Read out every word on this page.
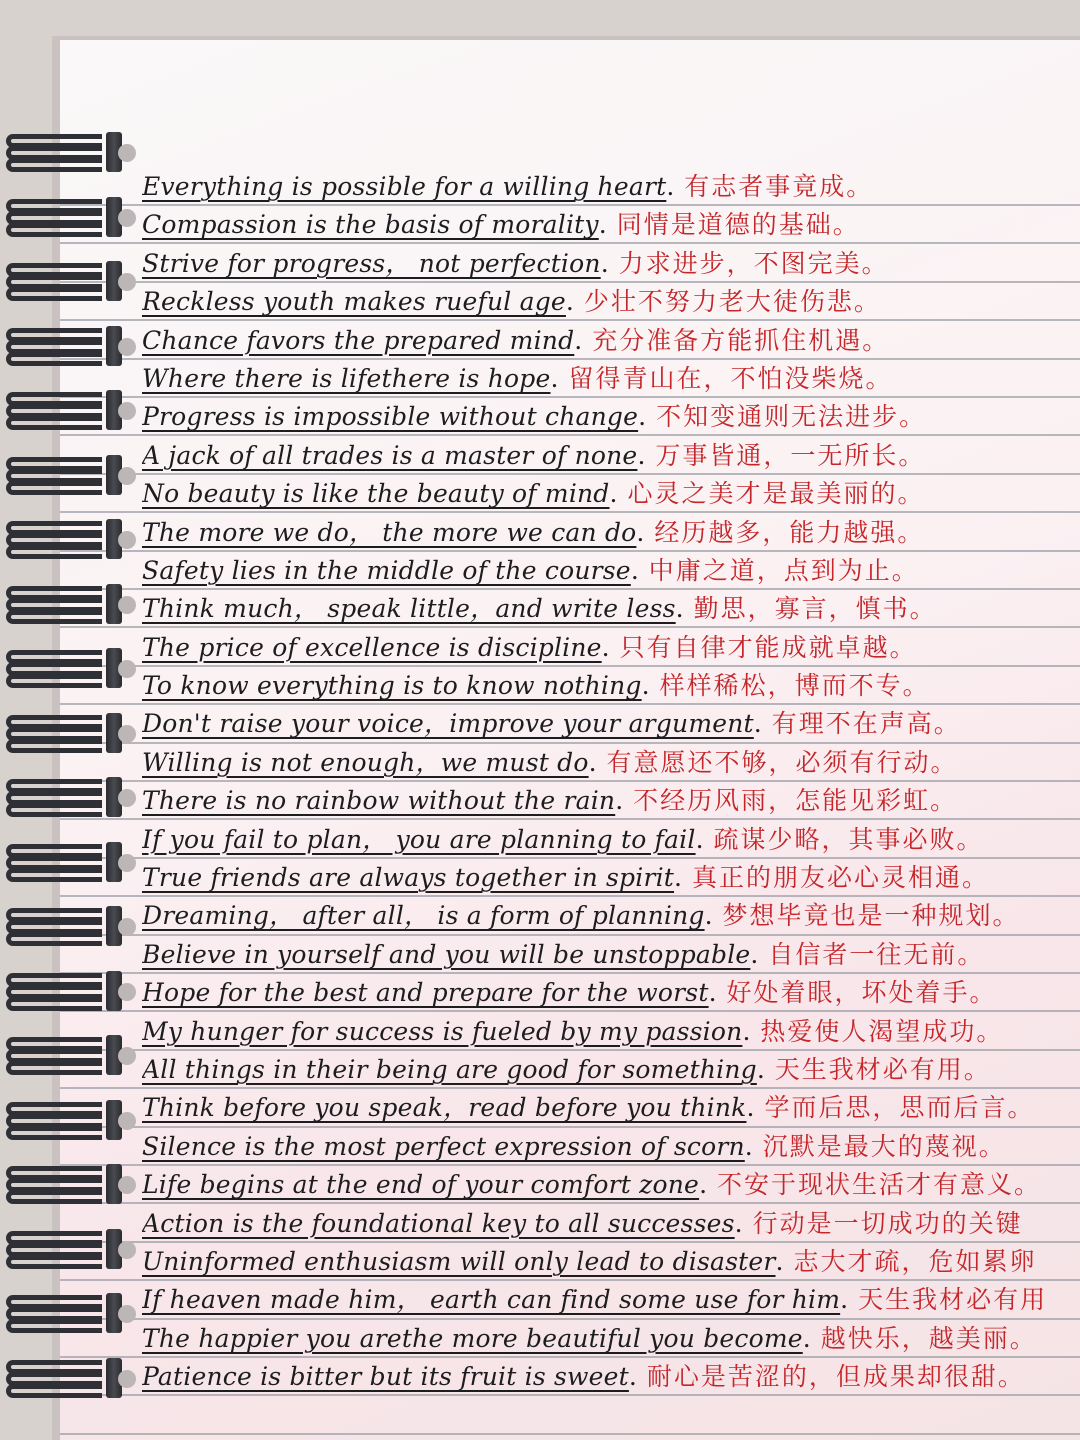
Everything is possible for a willing heart. 有志者事竟成。
Compassion is the basis of morality. 同情是道德的基础。
Strive for progress， not perfection. 力求进步，不图完美。
Reckless youth makes rueful age. 少壮不努力老大徒伤悲。
Chance favors the prepared mind. 充分准备方能抓住机遇。
Where there is lifethere is hope. 留得青山在，不怕没柴烧。
Progress is impossible without change. 不知变通则无法进步。
A jack of all trades is a master of none. 万事皆通，一无所长。
No beauty is like the beauty of mind. 心灵之美才是最美丽的。
The more we do， the more we can do. 经历越多，能力越强。
Safety lies in the middle of the course. 中庸之道，点到为止。
Think much， speak little，and write less. 勤思，寡言，慎书。
The price of excellence is discipline. 只有自律才能成就卓越。
To know everything is to know nothing. 样样稀松，博而不专。
Don't raise your voice，improve your argument. 有理不在声高。
Willing is not enough，we must do. 有意愿还不够，必须有行动。
There is no rainbow without the rain. 不经历风雨，怎能见彩虹。
If you fail to plan， you are planning to fail. 疏谋少略，其事必败。
True friends are always together in spirit. 真正的朋友必心灵相通。
Dreaming， after all， is a form of planning. 梦想毕竟也是一种规划。
Believe in yourself and you will be unstoppable. 自信者一往无前。
Hope for the best and prepare for the worst. 好处着眼，坏处着手。
My hunger for success is fueled by my passion. 热爱使人渴望成功。
All things in their being are good for something. 天生我材必有用。
Think before you speak，read before you think. 学而后思，思而后言。
Silence is the most perfect expression of scorn. 沉默是最大的蔑视。
Life begins at the end of your comfort zone. 不安于现状生活才有意义。
Action is the foundational key to all successes. 行动是一切成功的关键
Uninformed enthusiasm will only lead to disaster. 志大才疏，危如累卵
If heaven made him， earth can find some use for him. 天生我材必有用
The happier you arethe more beautiful you become. 越快乐，越美丽。
Patience is bitter but its fruit is sweet. 耐心是苦涩的，但成果却很甜。
